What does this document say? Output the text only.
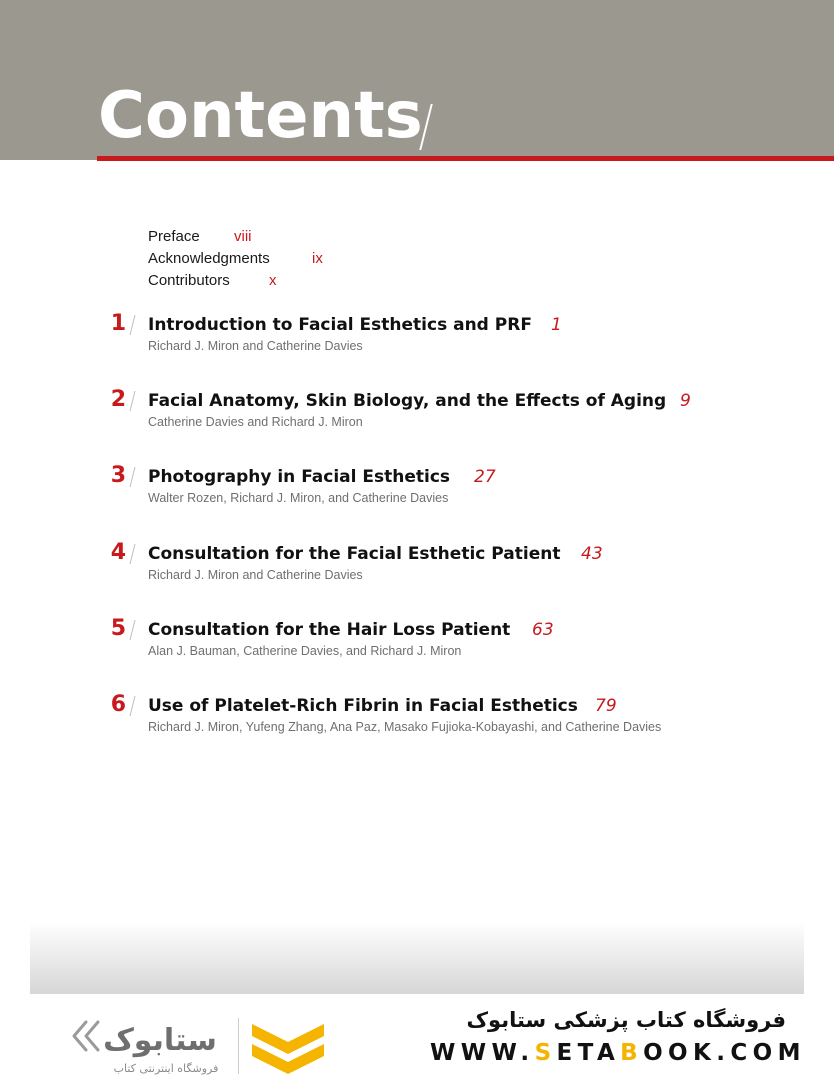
Contents
Preface viii
Acknowledgments	ix
Contributors	x
1 Introduction to Facial Esthetics and PRF 1
Richard J. Miron and Catherine Davies
2 Facial Anatomy, Skin Biology, and the Effects of Aging 9
Catherine Davies and Richard J. Miron
3 Photography in Facial Esthetics 27
Walter Rozen, Richard J. Miron, and Catherine Davies
4 Consultation for the Facial Esthetic Patient 43
Richard J. Miron and Catherine Davies
5 Consultation for the Hair Loss Patient 63
Alan J. Bauman, Catherine Davies, and Richard J. Miron
6 Use of Platelet-Rich Fibrin in Facial Esthetics 79
Richard J. Miron, Yufeng Zhang, Ana Paz, Masako Fujioka-Kobayashi, and Catherine Davies
ستابوک
فروشگاه اینترنتی کتاب
فروشگاه کتاب پزشکی ستابوک
WWW.SETABOOK.COM
